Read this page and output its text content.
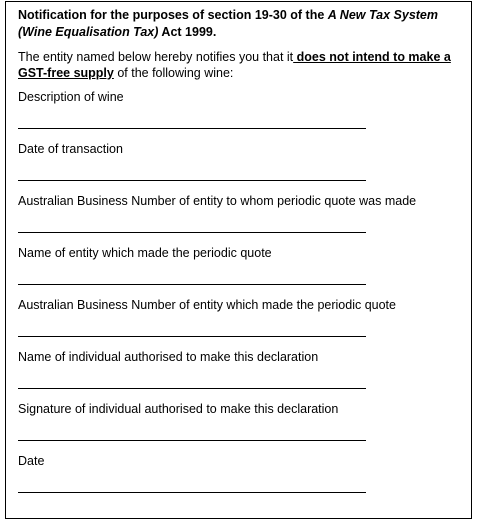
Notification for the purposes of section 19-30 of the A New Tax System (Wine Equalisation Tax) Act 1999.

The entity named below hereby notifies you that it does not intend to make a GST-free supply of the following wine:

Description of wine
Date of transaction
Australian Business Number of entity to whom periodic quote was made
Name of entity which made the periodic quote
Australian Business Number of entity which made the periodic quote
Name of individual authorised to make this declaration
Signature of individual authorised to make this declaration
Date
